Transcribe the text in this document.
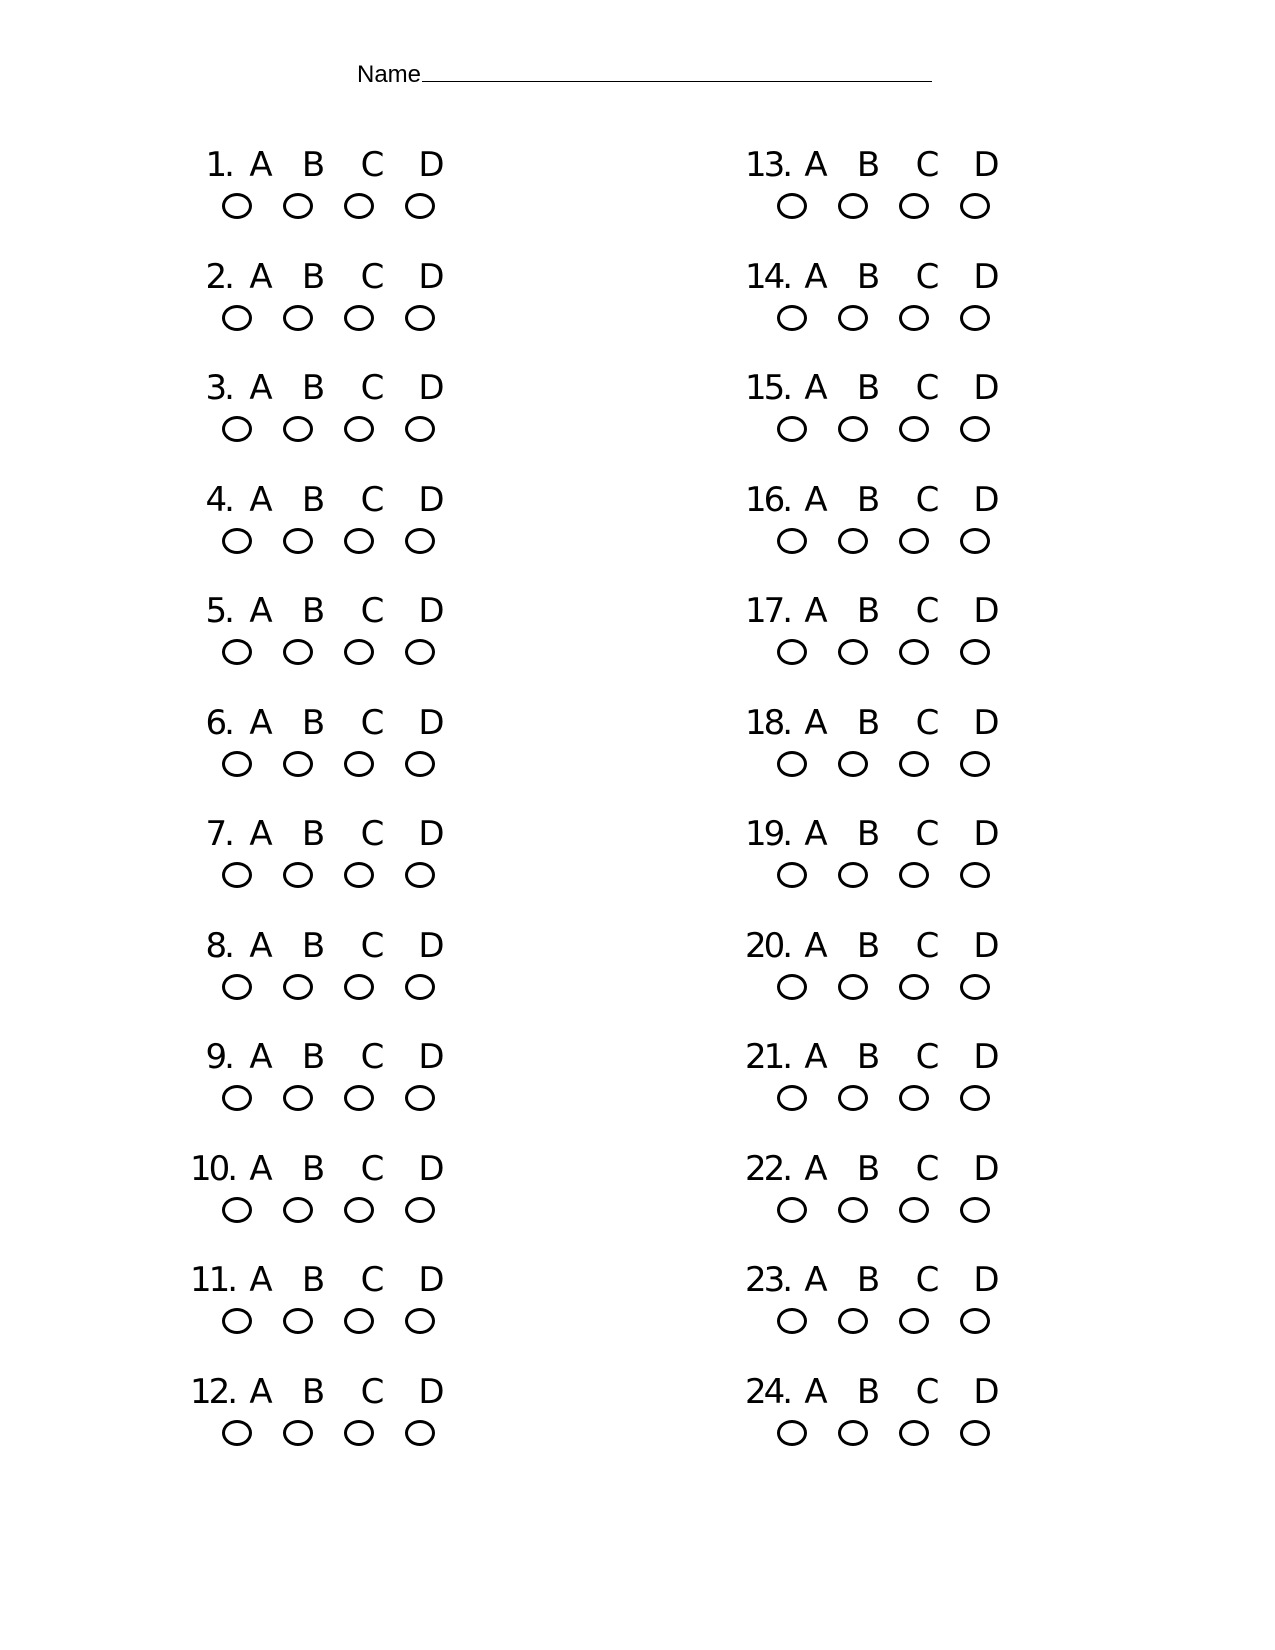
Name
1. A B	C	D
2. A B	C	D
3. A B	C	D
4. A B	C	D
5. A B	C	D
6. A B	C	D
7. A B	C	D
8. A B	C	D
9. A B	C	D
10. A B	C	D
11. A B	C	D
12. A B	C	D
13. A B	C	D
14. A B	C	D
15. A B	C	D
16. A B	C	D
17. A B	C	D
18. A B	C	D
19. A B	C	D
20. A B	C	D
21. A B	C	D
22. A B	C	D
23. A B	C	D
24. A B	C	D
